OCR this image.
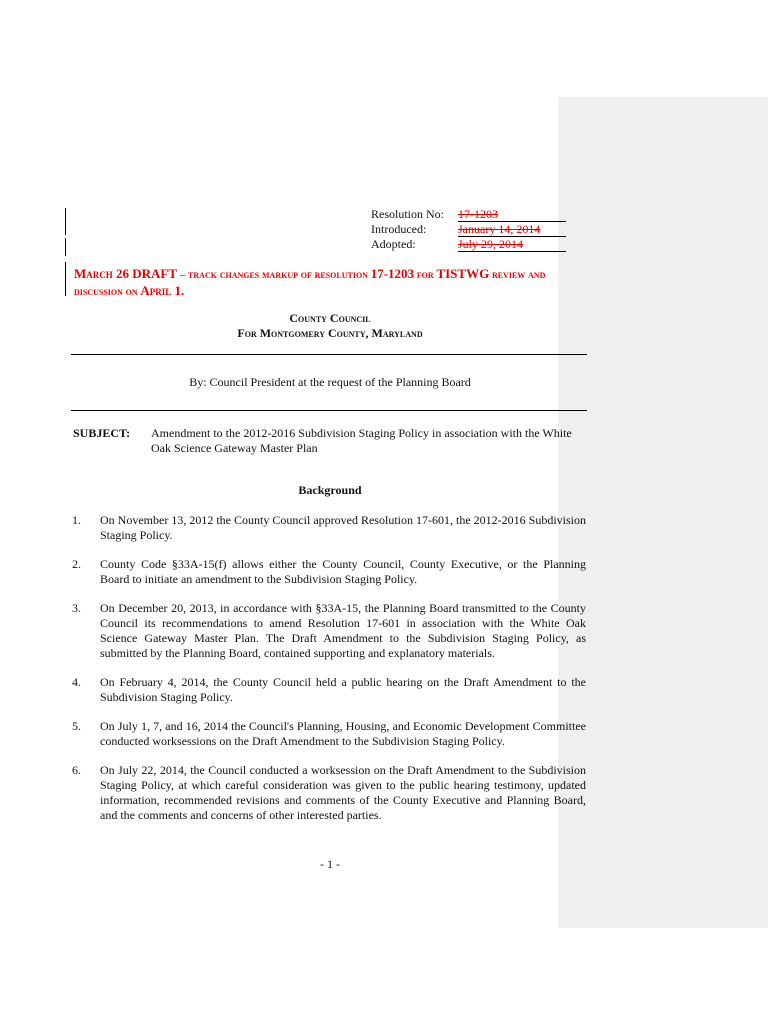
Resolution No: 17-1203
Introduced:	January 14, 2014
Adopted:	July 29, 2014
March 26 DRAFT – track changes markup of resolution 17-1203 for TISTWG review and discussion on April 1.
County Council
For Montgomery County, Maryland
By: Council President at the request of the Planning Board
SUBJECT: Amendment to the 2012-2016 Subdivision Staging Policy in association with the White Oak Science Gateway Master Plan
Background
1. On November 13, 2012 the County Council approved Resolution 17-601, the 2012-2016 Subdivision Staging Policy.
2. County Code §33A-15(f) allows either the County Council, County Executive, or the Planning Board to initiate an amendment to the Subdivision Staging Policy.
3. On December 20, 2013, in accordance with §33A-15, the Planning Board transmitted to the County Council its recommendations to amend Resolution 17-601 in association with the White Oak Science Gateway Master Plan. The Draft Amendment to the Subdivision Staging Policy, as submitted by the Planning Board, contained supporting and explanatory materials.
4. On February 4, 2014, the County Council held a public hearing on the Draft Amendment to the Subdivision Staging Policy.
5. On July 1, 7, and 16, 2014 the Council's Planning, Housing, and Economic Development Committee conducted worksessions on the Draft Amendment to the Subdivision Staging Policy.
6. On July 22, 2014, the Council conducted a worksession on the Draft Amendment to the Subdivision Staging Policy, at which careful consideration was given to the public hearing testimony, updated information, recommended revisions and comments of the County Executive and Planning Board, and the comments and concerns of other interested parties.
- 1 -
